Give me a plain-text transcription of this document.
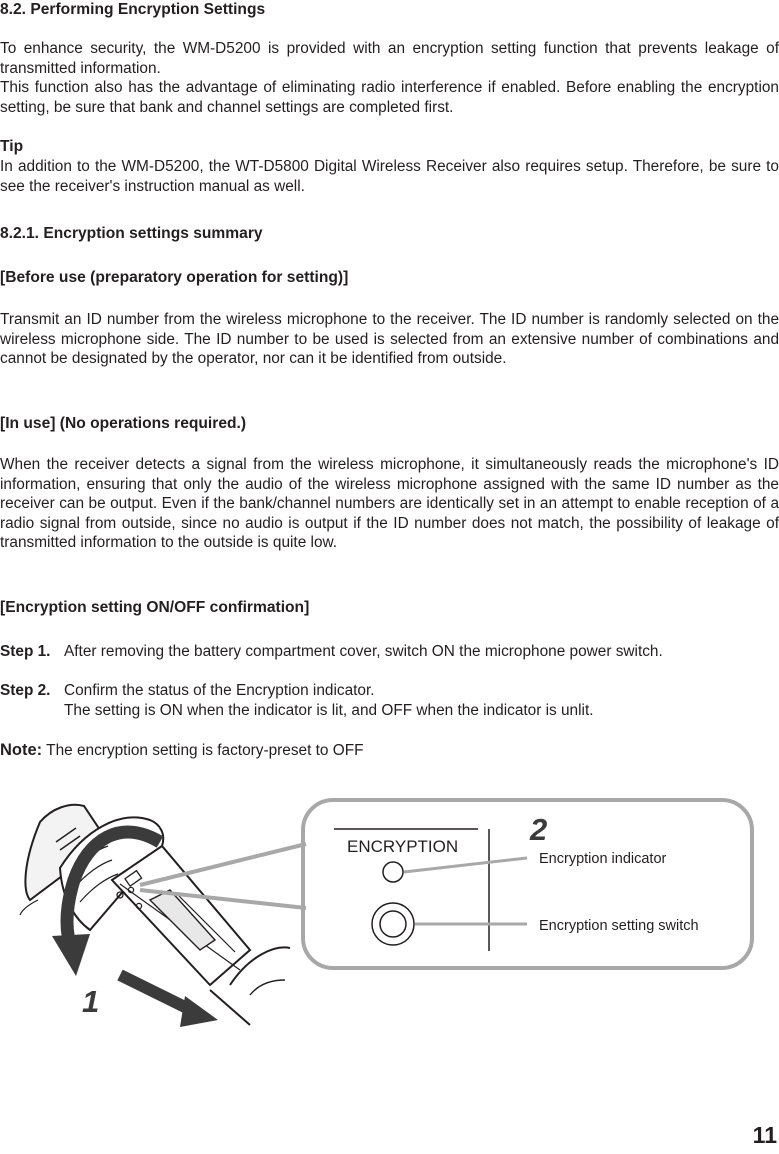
8.2. Performing Encryption Settings

To enhance security, the WM-D5200 is provided with an encryption setting function that prevents leakage of transmitted information.

This function also has the advantage of eliminating radio interference if enabled. Before enabling the encryption setting, be sure that bank and channel settings are completed first.

Tip

In addition to the WM-D5200, the WT-D5800 Digital Wireless Receiver also requires setup. Therefore, be sure to see the receiver's instruction manual as well.

8.2.1. Encryption settings summary
[Before use (preparatory operation for setting)]

Transmit an ID number from the wireless microphone to the receiver. The ID number is randomly selected on the wireless microphone side. The ID number to be used is selected from an extensive number of combinations and cannot be designated by the operator, nor can it be identified from outside.

[In use] (No operations required.)

When the receiver detects a signal from the wireless microphone, it simultaneously reads the microphone's ID information, ensuring that only the audio of the wireless microphone assigned with the same ID number as the receiver can be output. Even if the bank/channel numbers are identically set in an attempt to enable reception of a radio signal from outside, since no audio is output if the ID number does not match, the possibility of leakage of transmitted information to the outside is quite low.

[Encryption setting ON/OFF confirmation]
Step 1. After removing the battery compartment cover, switch ON the microphone power switch.
Step 2. Confirm the status of the Encryption indicator.
The setting is ON when the indicator is lit, and OFF when the indicator is unlit.
Note: The encryption setting is factory-preset to OFF
1
ENCRYPTION
Encryption indicator
Encryption setting switch
2
11
